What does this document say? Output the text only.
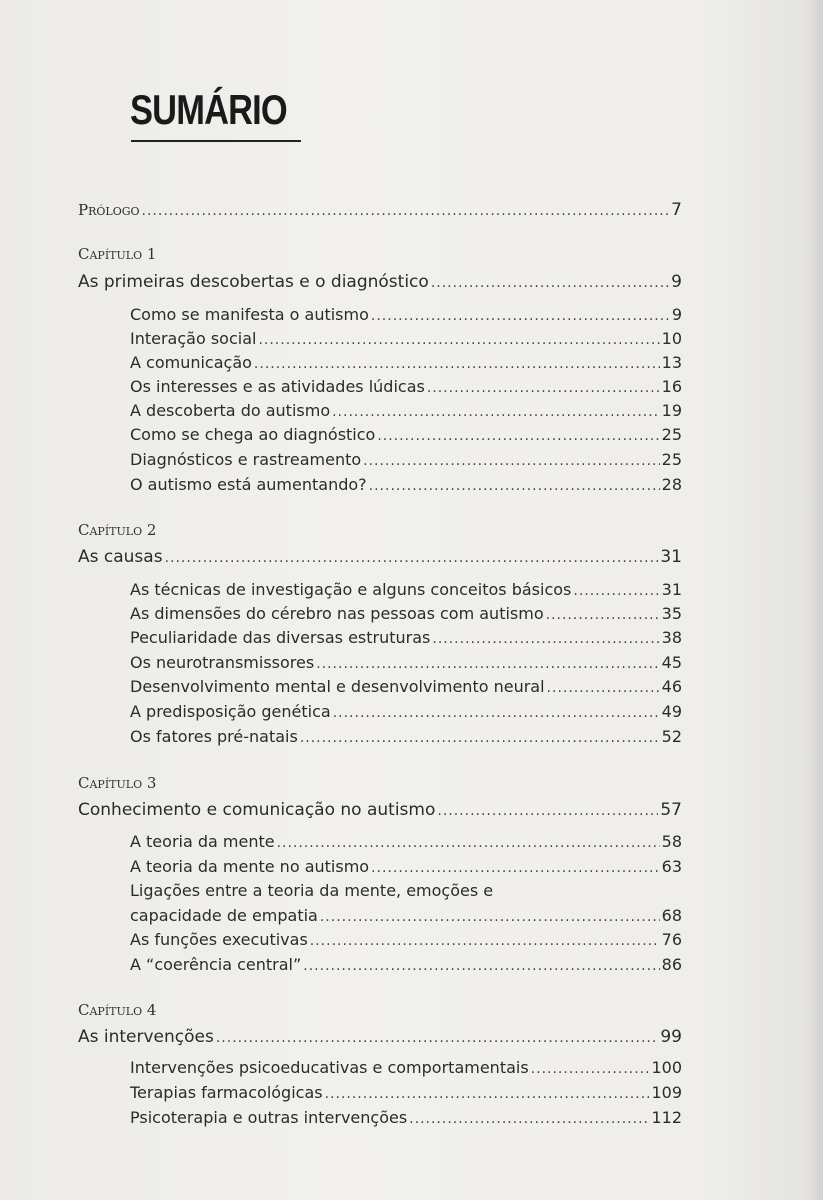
SUMÁRIO
Prólogo .....	7
Capítulo 1
As primeiras descobertas e o diagnóstico .....	9
Como se manifesta o autismo .....	9
Interação social .....	10
A comunicação .....	13
Os interesses e as atividades lúdicas .....	16
A descoberta do autismo .....	19
Como se chega ao diagnóstico .....	25
Diagnósticos e rastreamento .....	25
O autismo está aumentando? .....	28
Capítulo 2
As causas .....	31
As técnicas de investigação e alguns conceitos básicos .....	31
As dimensões do cérebro nas pessoas com autismo .....	35
Peculiaridade das diversas estruturas .....	38
Os neurotransmissores .....	45
Desenvolvimento mental e desenvolvimento neural .....	46
A predisposição genética .....	49
Os fatores pré-natais .....	52
Capítulo 3
Conhecimento e comunicação no autismo .....	57
A teoria da mente .....	58
A teoria da mente no autismo .....	63
Ligações entre a teoria da mente, emoções e
capacidade de empatia .....	68
As funções executivas .....	76
A “coerência central” .....	86
Capítulo 4
As intervenções .....	99
Intervenções psicoeducativas e comportamentais .....	100
Terapias farmacológicas .....	109
Psicoterapia e outras intervenções .....	112
